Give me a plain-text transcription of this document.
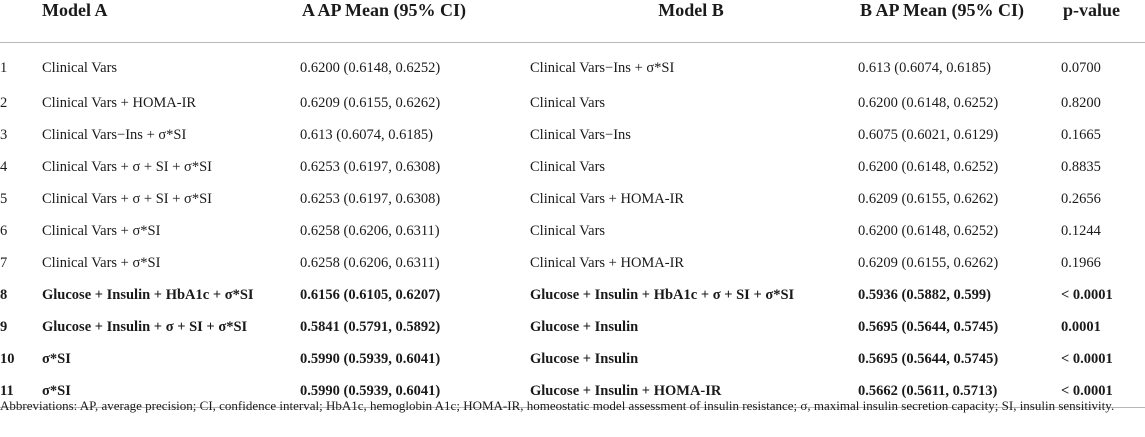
	Model A	A AP Mean (95% CI)	Model B	B AP Mean (95% CI)	p-value
1	Clinical Vars	0.6200 (0.6148, 0.6252)	Clinical Vars−Ins + σ*SI	0.613 (0.6074, 0.6185)	0.0700
2	Clinical Vars + HOMA-IR	0.6209 (0.6155, 0.6262)	Clinical Vars	0.6200 (0.6148, 0.6252)	0.8200
3	Clinical Vars−Ins + σ*SI	0.613 (0.6074, 0.6185)	Clinical Vars−Ins	0.6075 (0.6021, 0.6129)	0.1665
4	Clinical Vars + σ + SI + σ*SI	0.6253 (0.6197, 0.6308)	Clinical Vars	0.6200 (0.6148, 0.6252)	0.8835
5	Clinical Vars + σ + SI + σ*SI	0.6253 (0.6197, 0.6308)	Clinical Vars + HOMA-IR	0.6209 (0.6155, 0.6262)	0.2656
6	Clinical Vars + σ*SI	0.6258 (0.6206, 0.6311)	Clinical Vars	0.6200 (0.6148, 0.6252)	0.1244
7	Clinical Vars + σ*SI	0.6258 (0.6206, 0.6311)	Clinical Vars + HOMA-IR	0.6209 (0.6155, 0.6262)	0.1966
8	Glucose + Insulin + HbA1c + σ*SI	0.6156 (0.6105, 0.6207)	Glucose + Insulin + HbA1c + σ + SI + σ*SI	0.5936 (0.5882, 0.599)	< 0.0001
9	Glucose + Insulin + σ + SI + σ*SI	0.5841 (0.5791, 0.5892)	Glucose + Insulin	0.5695 (0.5644, 0.5745)	0.0001
10	σ*SI	0.5990 (0.5939, 0.6041)	Glucose + Insulin	0.5695 (0.5644, 0.5745)	< 0.0001
11	σ*SI	0.5990 (0.5939, 0.6041)	Glucose + Insulin + HOMA-IR	0.5662 (0.5611, 0.5713)	< 0.0001
Abbreviations: AP, average precision; CI, confidence interval; HbA1c, hemoglobin A1c; HOMA-IR, homeostatic model assessment of insulin resistance; σ, maximal insulin secretion capacity; SI, insulin sensitivity.
